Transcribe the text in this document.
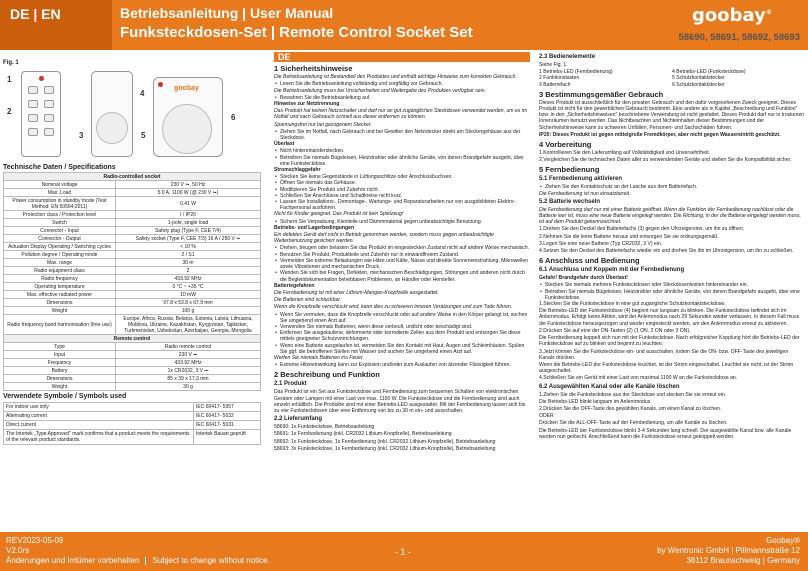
DE | EN	Betriebsanleitung | User Manual
Funksteckdosen-Set | Remote Control Socket Set
goobay®
58690, 58691, 58692, 58693
Fig. 1
1
2
3
4
5
6
goobay
Technische Daten / Specifications
Radio-controlled socket	
Nominal voltage	230 V ⏦, 50 Hz
Max. Load	5.0 A, 1100 W (@ 230 V ⏦)
Power consumption in standby mode (Test Method: EN 50564:2011)	0.41 W
Protection class / Protection level	I / IP20
Switch	1-pole, single load
Connector - Input	Safety plug (Type F, CEE 7/4)
Connector - Output	Safety socket (Type F, CEE 7/3) 16 A / 250 V ⏦
Actuation Display Operating / Switching cycles	< 10 %
Pollution degree / Operating mode	2 / S1
Max. range	30 m
Radio equipment class	2
Radio frequency	433.92 MHz
Operating temperature	0 °C ~ +35 °C
Max. effective radiated power	10 mW
Dimensions	97.8 x 53.8 x 67.9 mm
Weight	100 g
Radio frequency band harmonisation (free use)	Europe, Africa, Russia, Belarus, Estonia, Latvia, Lithuania, Moldova, Ukraine, Kazakhstan, Kyrgyzstan, Tajikistan, Turkmenistan, Uzbekistan, Azerbaijan, Georgia, Mongolia
Remote control	
Type	Radio remote control
Input	230 V ⎓
Frequency	433.92 MHz
Battery	1x CR2032, 3 V ⎓
Dimensions	85 x 39 x 17.3 mm
Weight	30 g
Verwendete Symbole / Symbols used
For indoor use only	IEC 60417- 5957
Alternating current	IEC 60417- 5032
Direct current	IEC 60417- 5031
The Intertek „Type Approved" mark confirms that a product meets the requirements of the relevant product standards.	Intertek Bauart geprüft
DE
1 Sicherheitshinweise
Die Betriebsanleitung ist Bestandteil des Produktes und enthält wichtige Hinweise zum korrekten Gebrauch.
• Lesen Sie die Betriebsanleitung vollständig und sorgfältig vor Gebrauch.
Die Betriebsanleitung muss bei Unsicherheiten und Weitergabe des Produktes verfügbar sein.
• Bewahren Sie die Betriebsanleitung auf.
Hinweise zur Netztrennung
Das Produkt hat keinen Netzschalter und darf nur an gut zugänglichen Steckdosen verwendet werden, um es im Notfall und nach Gebrauch schnell aus dieser entfernen zu können.
Spannungsfrei nur bei gezogenem Stecker.
• Ziehen Sie im Notfall, nach Gebrauch und bei Gewitter den Netzstecker direkt am Steckergehäuse aus der Steckdose.
Überlast
• Nicht hintereinanderstecken.
• Betreiben Sie niemals Bügeleisen, Heizstrahler oder ähnliche Geräte, von denen Brandgefahr ausgeht, über eine Funksteckdose.
Stromschlaggefahr
• Stecken Sie keine Gegenstände in Lüftungsschlitze oder Anschlussbuchsen.
• Öffnen Sie niemals das Gehäuse.
• Modifizieren Sie Produkt und Zubehör nicht.
• Schließen Sie Anschlüsse und Schaltkreise nicht kurz.
• Lassen Sie Installations-, Demontage-, Wartungs- und Reparaturarbeiten nur von ausgebildeten Elektro-Fachpersonal ausführen.
Nicht für Kinder geeignet. Das Produkt ist kein Spielzeug!
• Sichern Sie Verpackung, Kleinteile und Dämmmaterial gegen unbeabsichtigte Benutzung.
Betriebs- und Lagerbedingungen
Ein defektes Gerät darf nicht in Betrieb genommen werden, sondern muss gegen unbeabsichtigte Weiterbenutzung gesichert werden.
• Drehen, beugen oder belasten Sie das Produkt im eingesteckten Zustand nicht auf andere Weise mechanisch.
• Benutzen Sie Produkt, Produktteile und Zubehör nur in einwandfreiem Zustand.
• Vermeiden Sie extreme Belastungen wie Hitze und Kälte, Nässe und direkte Sonneneinstrahlung, Mikrowellen sowie Vibrationen und mechanischen Druck.
• Wenden Sie sich bei Fragen, Defekten, mechanischen Beschädigungen, Störungen und anderen nicht durch die Begleitdokumentation behebbaren Problemen, an Händler oder Hersteller.
Batteriegefahren
Die Fernbedienung ist mit einer Lithium-Mangan-Knopfzelle ausgestattet.
Die Batterien sind schluckbar.
Wenn die Knopfzelle verschluckt wird, kann dies zu schweren inneren Verätzungen und zum Tode führen.
• Wenn Sie vermuten, dass die Knopfzelle verschluckt oder auf andere Weise in den Körper gelangt ist, suchen Sie umgehend einen Arzt auf.
• Verwenden Sie niemals Batterien, wenn diese verbeult, undicht oder beschädigt sind.
• Entfernen Sie ausgelaufene, deformierte oder korrodierte Zellen aus dem Produkt und entsorgen Sie diese mittels geeigneter Schutzvorrichtungen.
• Wenn eine Batterie ausgelaufen ist, vermeiden Sie den Kontakt mit Haut, Augen und Schleimhäuten. Spülen Sie ggf. die betroffenen Stellen mit Wasser und suchen Sie umgehend einen Arzt auf.
Werfen Sie niemals Batterien ins Feuer.
• Extreme Hitzeeinwirkung kann zur Explosion und/oder zum Auslaufen von ätzender Flüssigkeit führen.
2 Beschreibung und Funktion
2.1 Produkt
Das Produkt ist ein Set aus Funksteckdose und Fernbedienung zum bequemen Schalten von elektronischen Geräten oder Lampen mit einer Last von max. 1100 W. Die Funksteckdose und die Fernbedienung sind auch einzeln erhältlich. Die Produkte sind mit einer Betriebs-LED ausgestattet. Mit der Fernbedienung lassen sich bis zu vier Funksteckdosen über eine Entfernung von bis zu 30 m ein- und ausschalten.
2.2 Lieferumfang
58690: 1x Funksteckdose, Betriebsanleitung
58691: 1x Fernbedienung (inkl. CR2032 Lithium-Knopfzelle), Betriebsanleitung
58692: 1x Funksteckdose, 1x Fernbedienung (inkl. CR2032 Lithium-Knopfzelle), Betriebsanleitung
58693: 3x Funksteckdose, 1x Fernbedienung (inkl. CR2032 Lithium-Knopfzelle), Betriebsanleitung
2.3 Bedienelemente
Siehe Fig. 1.
1 Betriebs-LED (Fernbedienung)	4 Betriebs-LED (Funksteckdose)
2 Funktionstasten	5 Schutzkontaktstecker
3 Batteriefach	6 Schutzkontaktstecker
3 Bestimmungsgemäßer Gebrauch
Dieses Produkt ist ausschließlich für den privaten Gebrauch und den dafür vorgesehenen Zweck geeignet. Dieses Produkt ist nicht für den gewerblichen Gebrauch bestimmt. Eine andere als in Kapitel „Beschreibung und Funktion" bzw. in den „Sicherheitshinweisen" beschriebene Verwendung ist nicht gestattet. Dieses Produkt darf nur in trockenen Innenräumen benutzt werden. Das Nichtbeachten und Nichteinhalten dieser Bestimmungen und der Sicherheitshinweise kann zu schweren Unfällen, Personen- und Sachschäden führen.
IP20: Dieses Produkt ist gegen mittelgroße Fremdkörper, aber nicht gegen Wassereintritt geschützt.
4 Vorbereitung
1.Kontrollieren Sie den Lieferumfang auf Vollständigkeit und Unversehrtheit.
2.Vergleichen Sie die technischen Daten aller zu verwendenden Geräte und stellen Sie die Kompatibilität sicher.
5 Fernbedienung
5.1 Fernbedienung aktivieren
• Ziehen Sie den Kontaktschutz an der Lasche aus dem Batteriefach.
Die Fernbedienung ist nun einsatzbereit.
5.2 Batterie wechseln
Die Fernbedienung darf nur mit einer Batterie geöffnet. Wenn die Funktion der Fernbedienung nachlässt oder die Batterie leer ist, muss eine neue Batterie eingelegt werden. Die Richtung, in der die Batterie eingelegt werden muss, ist auf dem Produkt gekennzeichnet.
1.Drehen Sie den Deckel des Batteriefachs (3) gegen den Uhrzeigersinn, um ihn zu öffnen.
2.Nehmen Sie die leere Batterie heraus und entsorgen Sie sie ordnungsgemäß.
3.Legen Sie eine neue Batterie (Typ CR2032, 3 V) ein.
4.Setzen Sie den Deckel des Batteriefachs wieder ein und drehen Sie ihn im Uhrzeigersinn, um ihn zu schließen.
6 Anschluss und Bedienung
6.1 Anschluss und Koppeln mit der Fernbedienung
Gefahr! Brandgefahr durch Überlast!
• Stecken Sie niemals mehrere Funksteckdosen oder Steckdosenleisten hintereinander ein.
• Betreiben Sie niemals Bügeleisen, Heizstrahler oder ähnliche Geräte, von denen Brandgefahr ausgeht, über eine Funksteckdose.
1.Stecken Sie die Funksteckdose in eine gut zugängliche Schutzkontaktsteckdose.
Die Betriebs-LED der Funksteckdose (4) beginnt nun langsam zu blinken. Die Funksteckdose befindet sich im Anlernmodus. Erfolgt keine Aktion, wird der Anlernmodus nach 29 Sekunden wieder verlassen. In diesem Fall muss die Funksteckdose herausgezogen und wieder eingesteckt werden, um den Anlernmodus erneut zu aktivieren.
2.Drücken Sie auf eine der ON-Tasten (2) (1 ON, 2 ON oder 3 ON).
Die Fernbedienung koppelt sich nun mit der Funksteckdose. Nach erfolgreicher Kopplung hört die Betriebs-LED der Funksteckdose auf zu blinken und beginnt zu leuchten.
3.Jetzt können Sie die Funksteckdose ein- und ausschalten, indem Sie die ON- bzw. OFF-Taste des jeweiligen Kanals drücken.
Wenn die Betriebs-LED der Funksteckdose leuchtet, ist der Strom eingeschaltet. Leuchtet sie nicht, ist der Strom ausgeschaltet.
4.Schließen Sie ein Gerät mit einer Last von maximal 1100 W an die Funksteckdose an.
6.2 Ausgewählten Kanal oder alle Kanäle löschen
1.Ziehen Sie die Funksteckdose aus der Steckdose und stecken Sie sie erneut ein.
Die Betriebs-LED blinkt langsam im Anlernmodus.
2.Drücken Sie die OFF-Taste des gewählten Kanals, um einen Kanal zu löschen.
ODER
Drücken Sie die ALL-OFF-Taste auf der Fernbedienung, um alle Kanäle zu löschen.
Die Betriebs-LED der Funksteckdose blinkt 3-4 Sekunden lang schnell. Der ausgewählte Kanal bzw. alle Kanäle wurden nun gelöscht. Anschließend kann die Funksteckdose erneut gekoppelt werden.
REV2023-05-09
V2.0rs
Änderungen und Irrtümer vorbehalten Subject to change without notice.
- 1 -
Goobay®
by Wentronic GmbH | Pillmannstraße 12
38112 Braunschweig | Germany
